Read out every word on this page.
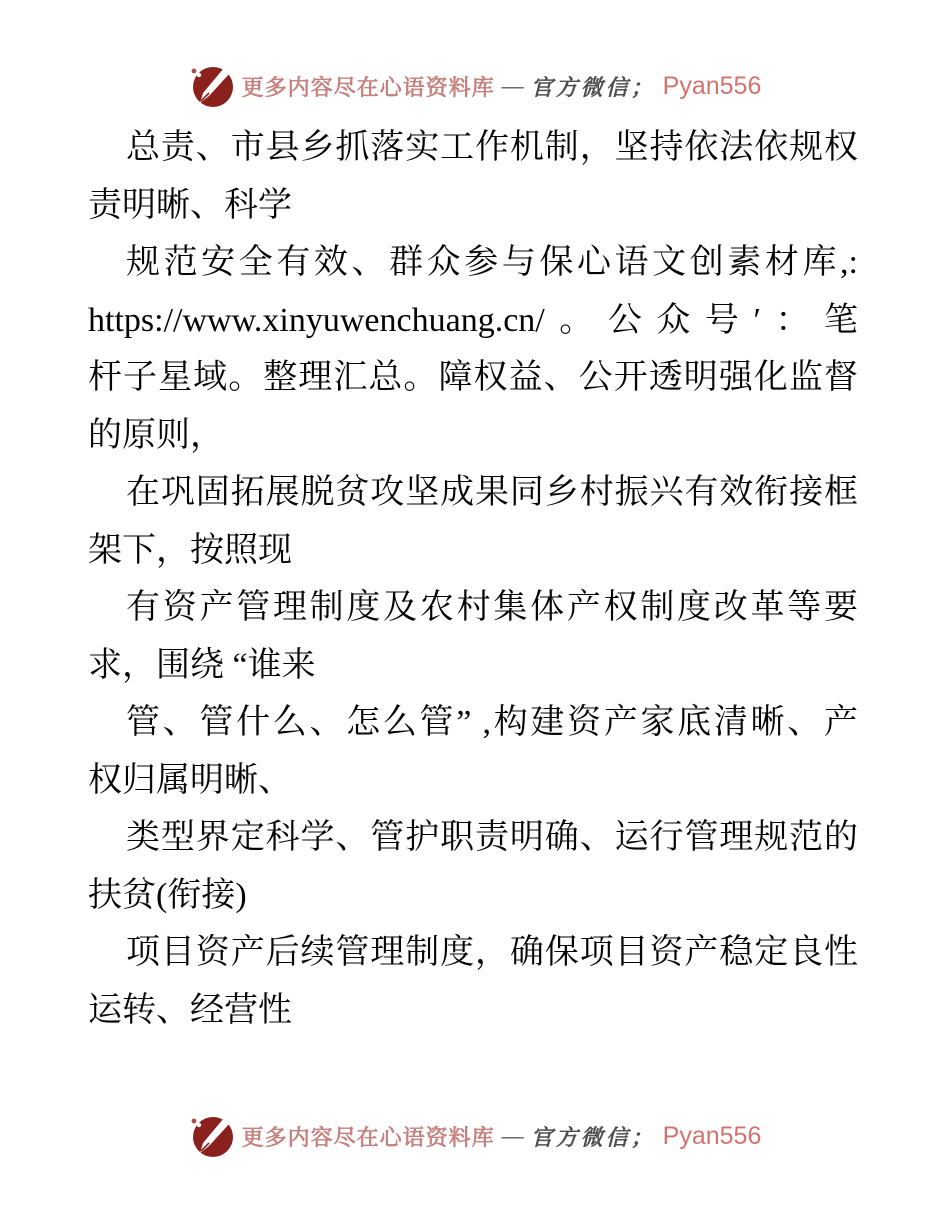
更多内容尽在心语资料库 — 官方微信； Pyan556
总责、市县乡抓落实工作机制，坚持依法依规权
责明晰、科学
规范安全有效、群众参与保心语文创素材库,:
https://www.xinyuwenchuang.cn/。公众号′：笔
杆子星域。整理汇总。障权益、公开透明强化监督
的原则，
在巩固拓展脱贫攻坚成果同乡村振兴有效衔接框
架下，按照现
有资产管理制度及农村集体产权制度改革等要
求，围绕 “谁来
管、管什么、怎么管” ,构建资产家底清晰、产
权归属明晰、
类型界定科学、管护职责明确、运行管理规范的
扶贫(衔接)
项目资产后续管理制度，确保项目资产稳定良性
运转、经营性
更多内容尽在心语资料库 — 官方微信； Pyan556
